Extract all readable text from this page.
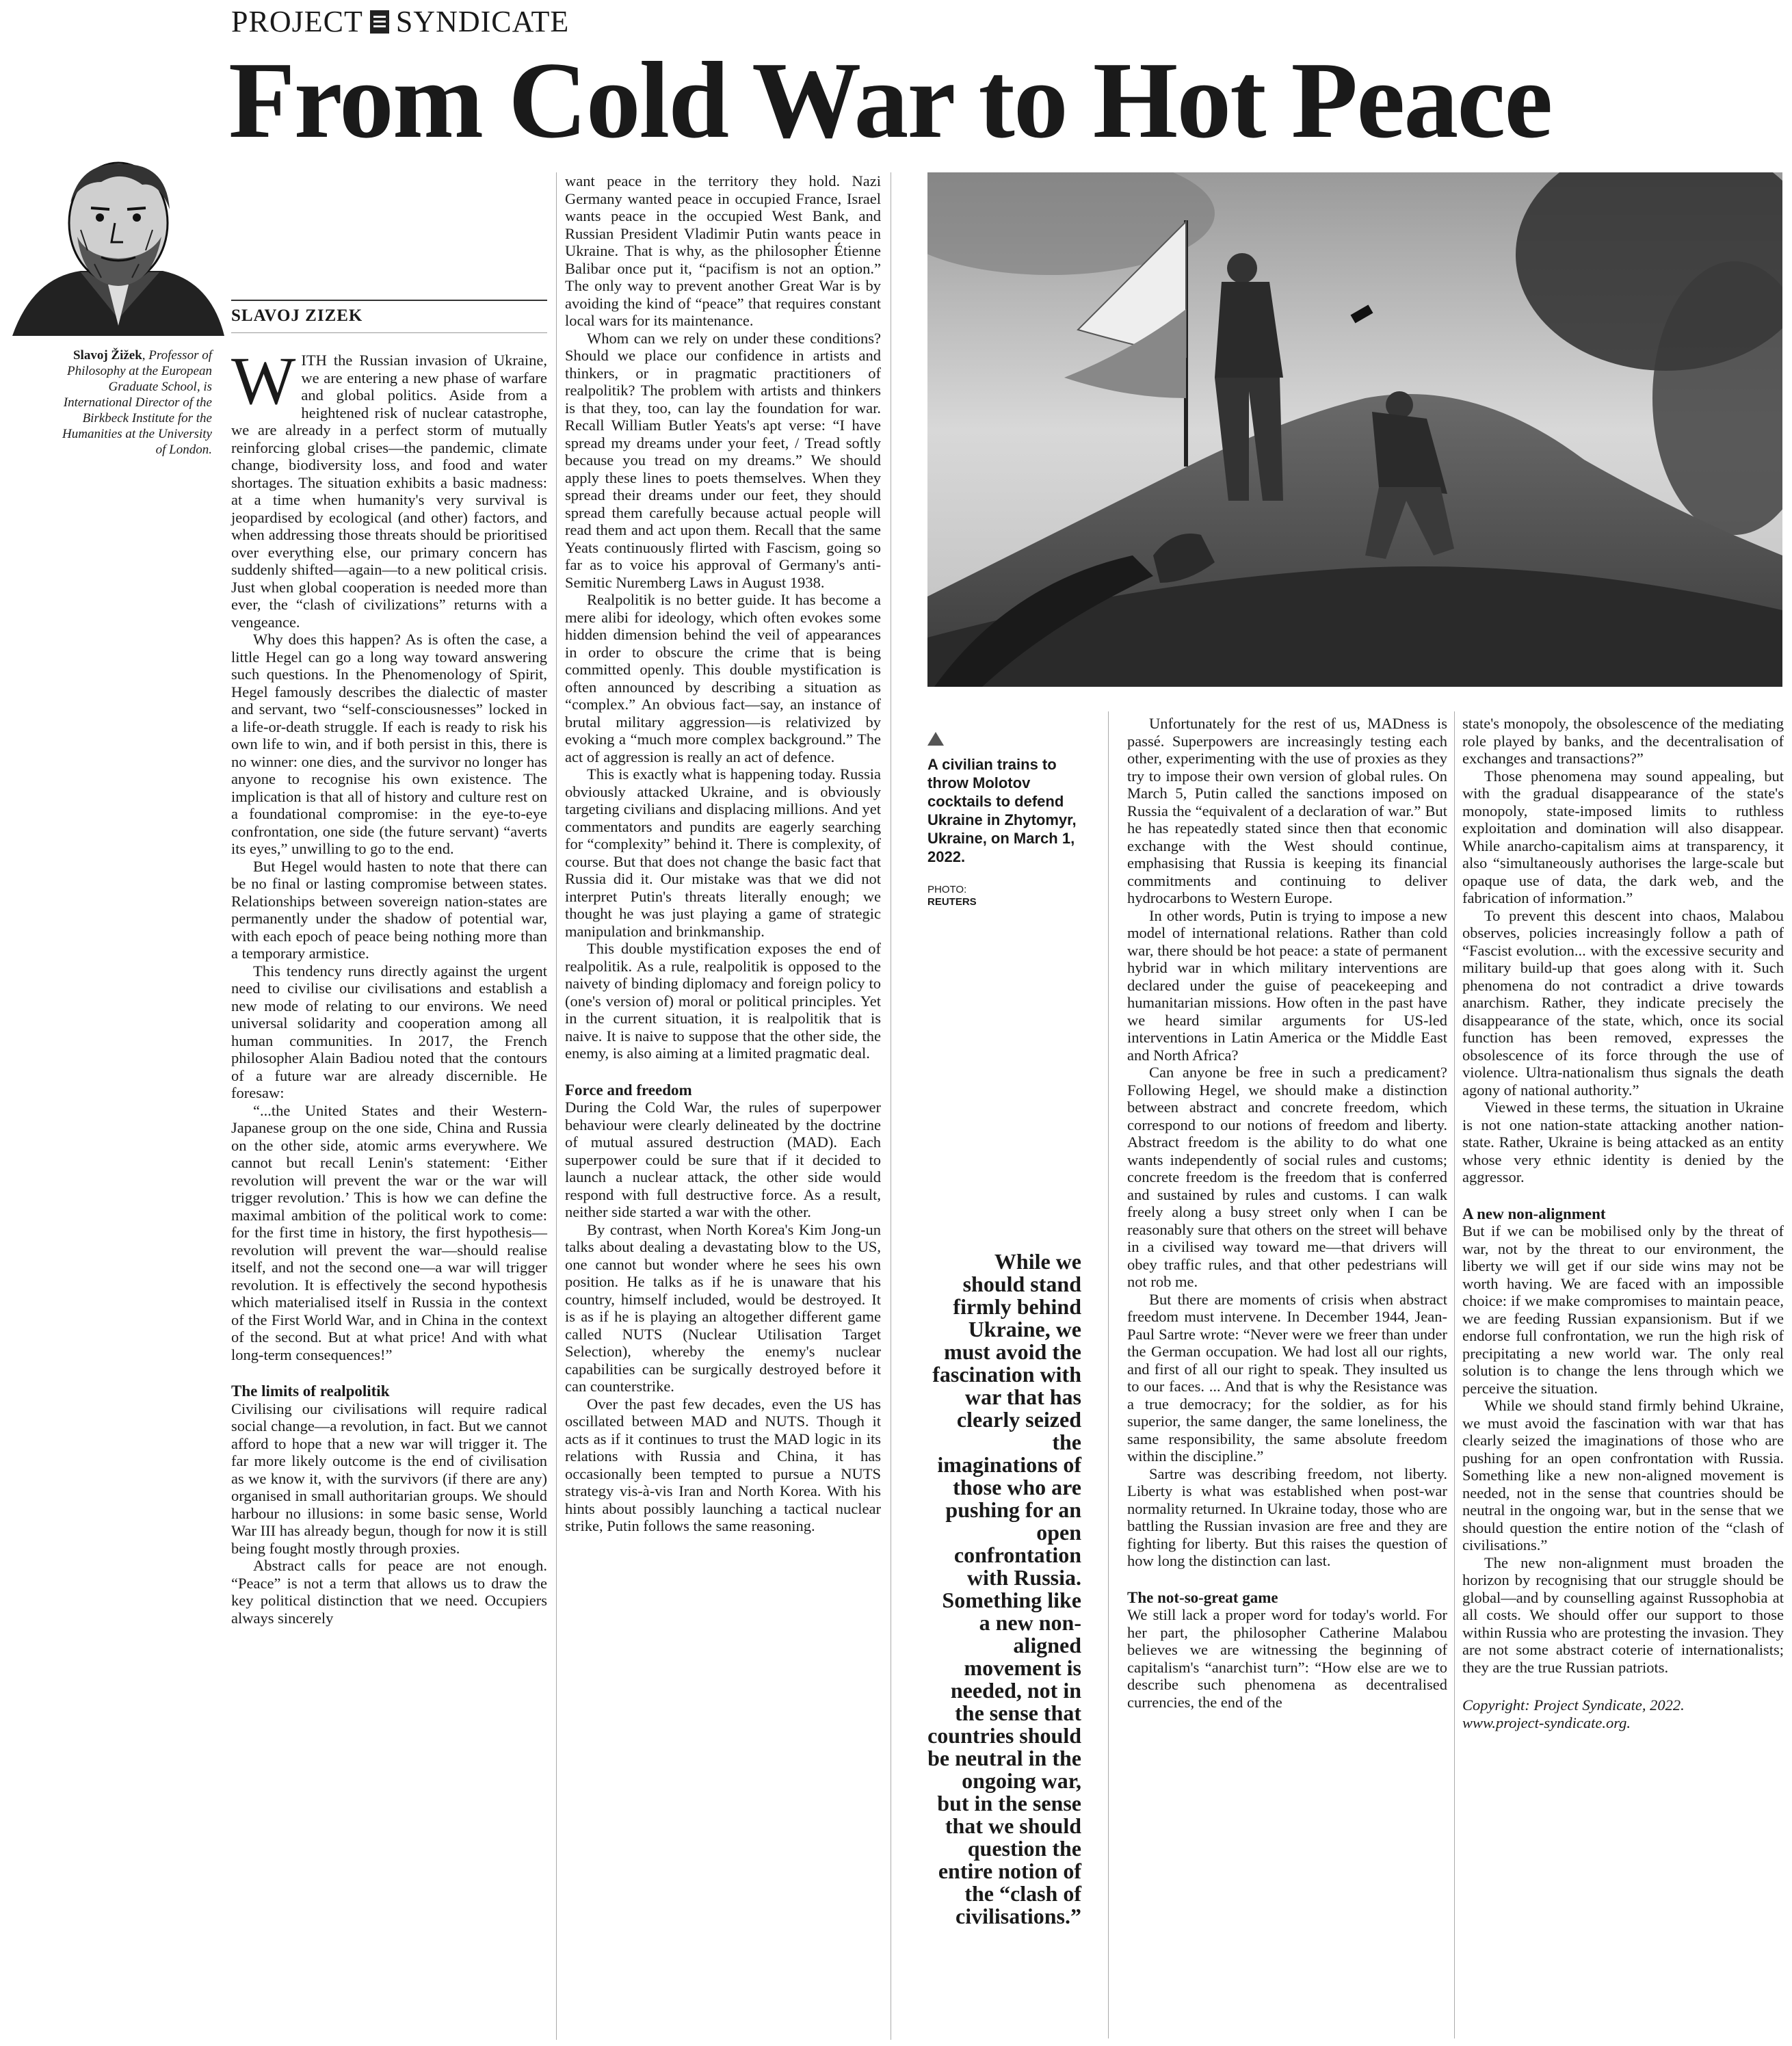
PROJECT SYNDICATE
From Cold War to Hot Peace
SLAVOJ ZIZEK
Slavoj Žižek, Professor of Philosophy at the European Graduate School, is International Director of the Birkbeck Institute for the Humanities at the University of London.

WITH the Russian invasion of Ukraine, we are entering a new phase of warfare and global politics. Aside from a heightened risk of nuclear catastrophe, we are already in a perfect storm of mutually reinforcing global crises—the pandemic, climate change, biodiversity loss, and food and water shortages. The situation exhibits a basic madness: at a time when humanity's very survival is jeopardised by ecological (and other) factors, and when addressing those threats should be prioritised over everything else, our primary concern has suddenly shifted—again—to a new political crisis. Just when global cooperation is needed more than ever, the “clash of civilizations” returns with a vengeance.

Why does this happen? As is often the case, a little Hegel can go a long way toward answering such questions. In the Phenomenology of Spirit, Hegel famously describes the dialectic of master and servant, two “self-consciousnesses” locked in a life-or-death struggle. If each is ready to risk his own life to win, and if both persist in this, there is no winner: one dies, and the survivor no longer has anyone to recognise his own existence. The implication is that all of history and culture rest on a foundational compromise: in the eye-to-eye confrontation, one side (the future servant) “averts its eyes,” unwilling to go to the end.

But Hegel would hasten to note that there can be no final or lasting compromise between states. Relationships between sovereign nation-states are permanently under the shadow of potential war, with each epoch of peace being nothing more than a temporary armistice.

This tendency runs directly against the urgent need to civilise our civilisations and establish a new mode of relating to our environs. We need universal solidarity and cooperation among all human communities. In 2017, the French philosopher Alain Badiou noted that the contours of a future war are already discernible. He foresaw:

“...the United States and their Western-Japanese group on the one side, China and Russia on the other side, atomic arms everywhere. We cannot but recall Lenin's statement: ‘Either revolution will prevent the war or the war will trigger revolution.’ This is how we can define the maximal ambition of the political work to come: for the first time in history, the first hypothesis—revolution will prevent the war—should realise itself, and not the second one—a war will trigger revolution. It is effectively the second hypothesis which materialised itself in Russia in the context of the First World War, and in China in the context of the second. But at what price! And with what long-term consequences!”

The limits of realpolitik

Civilising our civilisations will require radical social change—a revolution, in fact. But we cannot afford to hope that a new war will trigger it. The far more likely outcome is the end of civilisation as we know it, with the survivors (if there are any) organised in small authoritarian groups. We should harbour no illusions: in some basic sense, World War III has already begun, though for now it is still being fought mostly through proxies.

Abstract calls for peace are not enough. “Peace” is not a term that allows us to draw the key political distinction that we need. Occupiers always sincerely

want peace in the territory they hold. Nazi Germany wanted peace in occupied France, Israel wants peace in the occupied West Bank, and Russian President Vladimir Putin wants peace in Ukraine. That is why, as the philosopher Étienne Balibar once put it, “pacifism is not an option.” The only way to prevent another Great War is by avoiding the kind of “peace” that requires constant local wars for its maintenance.

Whom can we rely on under these conditions? Should we place our confidence in artists and thinkers, or in pragmatic practitioners of realpolitik? The problem with artists and thinkers is that they, too, can lay the foundation for war. Recall William Butler Yeats's apt verse: “I have spread my dreams under your feet, / Tread softly because you tread on my dreams.” We should apply these lines to poets themselves. When they spread their dreams under our feet, they should spread them carefully because actual people will read them and act upon them. Recall that the same Yeats continuously flirted with Fascism, going so far as to voice his approval of Germany's anti-Semitic Nuremberg Laws in August 1938.

Realpolitik is no better guide. It has become a mere alibi for ideology, which often evokes some hidden dimension behind the veil of appearances in order to obscure the crime that is being committed openly. This double mystification is often announced by describing a situation as “complex.” An obvious fact—say, an instance of brutal military aggression—is relativized by evoking a “much more complex background.” The act of aggression is really an act of defence.

This is exactly what is happening today. Russia obviously attacked Ukraine, and is obviously targeting civilians and displacing millions. And yet commentators and pundits are eagerly searching for “complexity” behind it. There is complexity, of course. But that does not change the basic fact that Russia did it. Our mistake was that we did not interpret Putin's threats literally enough; we thought he was just playing a game of strategic manipulation and brinkmanship.

This double mystification exposes the end of realpolitik. As a rule, realpolitik is opposed to the naivety of binding diplomacy and foreign policy to (one's version of) moral or political principles. Yet in the current situation, it is realpolitik that is naive. It is naive to suppose that the other side, the enemy, is also aiming at a limited pragmatic deal.

Force and freedom

During the Cold War, the rules of superpower behaviour were clearly delineated by the doctrine of mutual assured destruction (MAD). Each superpower could be sure that if it decided to launch a nuclear attack, the other side would respond with full destructive force. As a result, neither side started a war with the other.

By contrast, when North Korea's Kim Jong-un talks about dealing a devastating blow to the US, one cannot but wonder where he sees his own position. He talks as if he is unaware that his country, himself included, would be destroyed. It is as if he is playing an altogether different game called NUTS (Nuclear Utilisation Target Selection), whereby the enemy's nuclear capabilities can be surgically destroyed before it can counterstrike.

Over the past few decades, even the US has oscillated between MAD and NUTS. Though it acts as if it continues to trust the MAD logic in its relations with Russia and China, it has occasionally been tempted to pursue a NUTS strategy vis-à-vis Iran and North Korea. With his hints about possibly launching a tactical nuclear strike, Putin follows the same reasoning.

A civilian trains to throw Molotov cocktails to defend Ukraine in Zhytomyr, Ukraine, on March 1, 2022.
PHOTO:
REUTERS
While we should stand firmly behind Ukraine, we must avoid the fascination with war that has clearly seized the imaginations of those who are pushing for an open confrontation with Russia. Something like a new non-aligned movement is needed, not in the sense that countries should be neutral in the ongoing war, but in the sense that we should question the entire notion of the “clash of civilisations.”

Unfortunately for the rest of us, MADness is passé. Superpowers are increasingly testing each other, experimenting with the use of proxies as they try to impose their own version of global rules. On March 5, Putin called the sanctions imposed on Russia the “equivalent of a declaration of war.” But he has repeatedly stated since then that economic exchange with the West should continue, emphasising that Russia is keeping its financial commitments and continuing to deliver hydrocarbons to Western Europe.

In other words, Putin is trying to impose a new model of international relations. Rather than cold war, there should be hot peace: a state of permanent hybrid war in which military interventions are declared under the guise of peacekeeping and humanitarian missions. How often in the past have we heard similar arguments for US-led interventions in Latin America or the Middle East and North Africa?

Can anyone be free in such a predicament? Following Hegel, we should make a distinction between abstract and concrete freedom, which correspond to our notions of freedom and liberty. Abstract freedom is the ability to do what one wants independently of social rules and customs; concrete freedom is the freedom that is conferred and sustained by rules and customs. I can walk freely along a busy street only when I can be reasonably sure that others on the street will behave in a civilised way toward me—that drivers will obey traffic rules, and that other pedestrians will not rob me.

But there are moments of crisis when abstract freedom must intervene. In December 1944, Jean-Paul Sartre wrote: “Never were we freer than under the German occupation. We had lost all our rights, and first of all our right to speak. They insulted us to our faces. ... And that is why the Resistance was a true democracy; for the soldier, as for his superior, the same danger, the same loneliness, the same responsibility, the same absolute freedom within the discipline.”

Sartre was describing freedom, not liberty. Liberty is what was established when post-war normality returned. In Ukraine today, those who are battling the Russian invasion are free and they are fighting for liberty. But this raises the question of how long the distinction can last.

The not-so-great game

We still lack a proper word for today's world. For her part, the philosopher Catherine Malabou believes we are witnessing the beginning of capitalism's “anarchist turn”: “How else are we to describe such phenomena as decentralised currencies, the end of the

state's monopoly, the obsolescence of the mediating role played by banks, and the decentralisation of exchanges and transactions?”

Those phenomena may sound appealing, but with the gradual disappearance of the state's monopoly, state-imposed limits to ruthless exploitation and domination will also disappear. While anarcho-capitalism aims at transparency, it also “simultaneously authorises the large-scale but opaque use of data, the dark web, and the fabrication of information.”

To prevent this descent into chaos, Malabou observes, policies increasingly follow a path of “Fascist evolution... with the excessive security and military build-up that goes along with it. Such phenomena do not contradict a drive towards anarchism. Rather, they indicate precisely the disappearance of the state, which, once its social function has been removed, expresses the obsolescence of its force through the use of violence. Ultra-nationalism thus signals the death agony of national authority.”

Viewed in these terms, the situation in Ukraine is not one nation-state attacking another nation-state. Rather, Ukraine is being attacked as an entity whose very ethnic identity is denied by the aggressor.

A new non-alignment

But if we can be mobilised only by the threat of war, not by the threat to our environment, the liberty we will get if our side wins may not be worth having. We are faced with an impossible choice: if we make compromises to maintain peace, we are feeding Russian expansionism. But if we endorse full confrontation, we run the high risk of precipitating a new world war. The only real solution is to change the lens through which we perceive the situation.

While we should stand firmly behind Ukraine, we must avoid the fascination with war that has clearly seized the imaginations of those who are pushing for an open confrontation with Russia. Something like a new non-aligned movement is needed, not in the sense that countries should be neutral in the ongoing war, but in the sense that we should question the entire notion of the “clash of civilisations.”

The new non-alignment must broaden the horizon by recognising that our struggle should be global—and by counselling against Russophobia at all costs. We should offer our support to those within Russia who are protesting the invasion. They are not some abstract coterie of internationalists; they are the true Russian patriots.

Copyright: Project Syndicate, 2022.

www.project-syndicate.org.
